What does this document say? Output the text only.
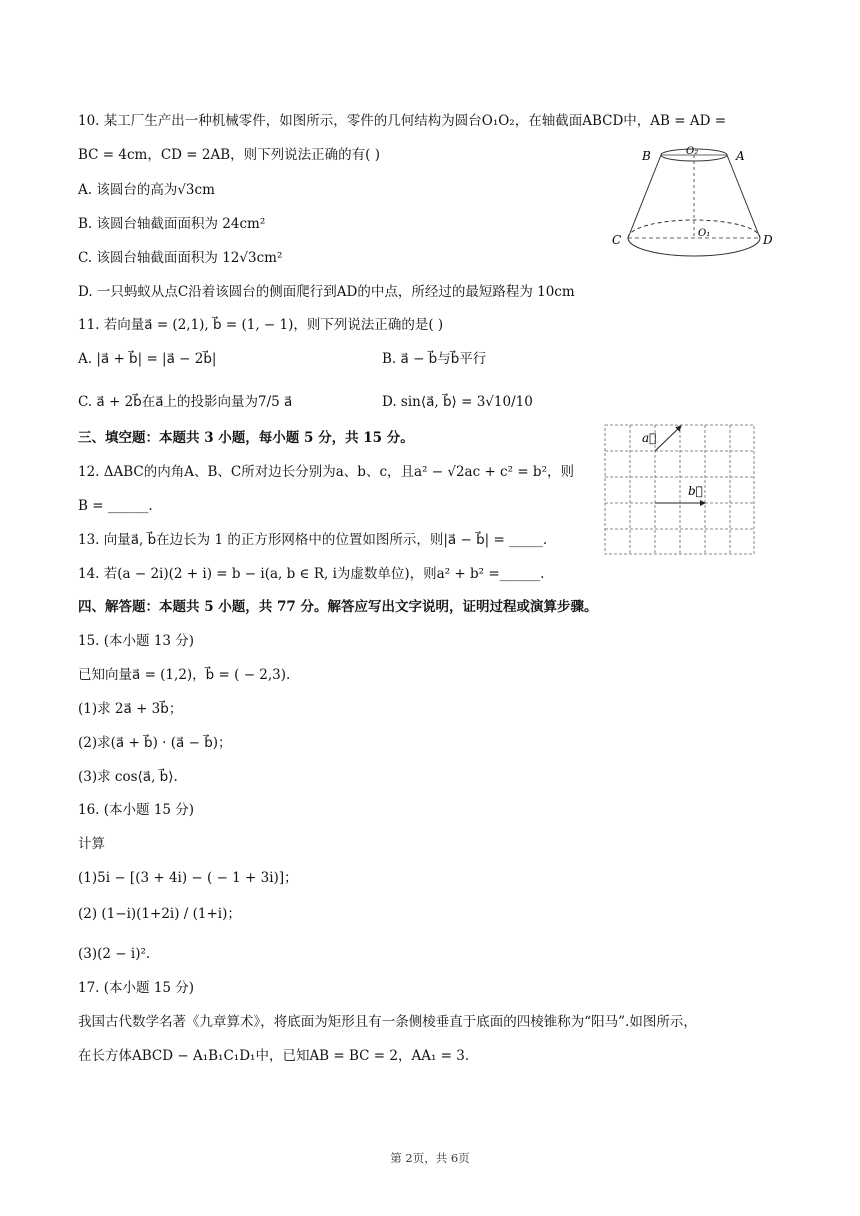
10. 某工厂生产出一种机械零件，如图所示，零件的几何结构为圆台O₁O₂，在轴截面ABCD中，AB = AD =
BC = 4cm，CD = 2AB，则下列说法正确的有( )
A. 该圆台的高为√3cm
B. 该圆台轴截面面积为 24cm²
C. 该圆台轴截面面积为 12√3cm²
D. 一只蚂蚁从点C沿着该圆台的侧面爬行到AD的中点，所经过的最短路程为 10cm
11. 若向量a⃗ = (2,1), b⃗ = (1, − 1)，则下列说法正确的是( )
A. |a⃗ + b⃗| = |a⃗ − 2b⃗|	B. a⃗ − b⃗与b⃗平行
C. a⃗ + 2b⃗在a⃗上的投影向量为7/5 a⃗	D. sin⟨a⃗, b⃗⟩ = 3√10/10
三、填空题：本题共 3 小题，每小题 5 分，共 15 分。
12. ΔABC的内角A、B、C所对边长分别为a、b、c，且a² − √2ac + c² = b²，则
B = ______.
13. 向量a⃗, b⃗在边长为 1 的正方形网格中的位置如图所示，则|a⃗ − b⃗| = _____.
14. 若(a − 2i)(2 + i) = b − i(a, b ∈ R, i为虚数单位)，则a² + b² =______.
四、解答题：本题共 5 小题，共 77 分。解答应写出文字说明，证明过程或演算步骤。
15. (本小题 13 分)
已知向量a⃗ = (1,2)，b⃗ = ( − 2,3).
(1)求 2a⃗ + 3b⃗；
(2)求(a⃗ + b⃗) · (a⃗ − b⃗)；
(3)求 cos⟨a⃗, b⃗⟩.
16. (本小题 15 分)
计算
(1)5i − [(3 + 4i) − ( − 1 + 3i)]；
(2) (1−i)(1+2i) / (1+i)；
(3)(2 − i)².
17. (本小题 15 分)
我国古代数学名著《九章算术》，将底面为矩形且有一条侧棱垂直于底面的四棱锥称为“阳马”.如图所示，
在长方体ABCD − A₁B₁C₁D₁中，已知AB = BC = 2，AA₁ = 3.
B	A
C	D
O₂
O₁
a⃗
b⃗
第 2页，共 6页
